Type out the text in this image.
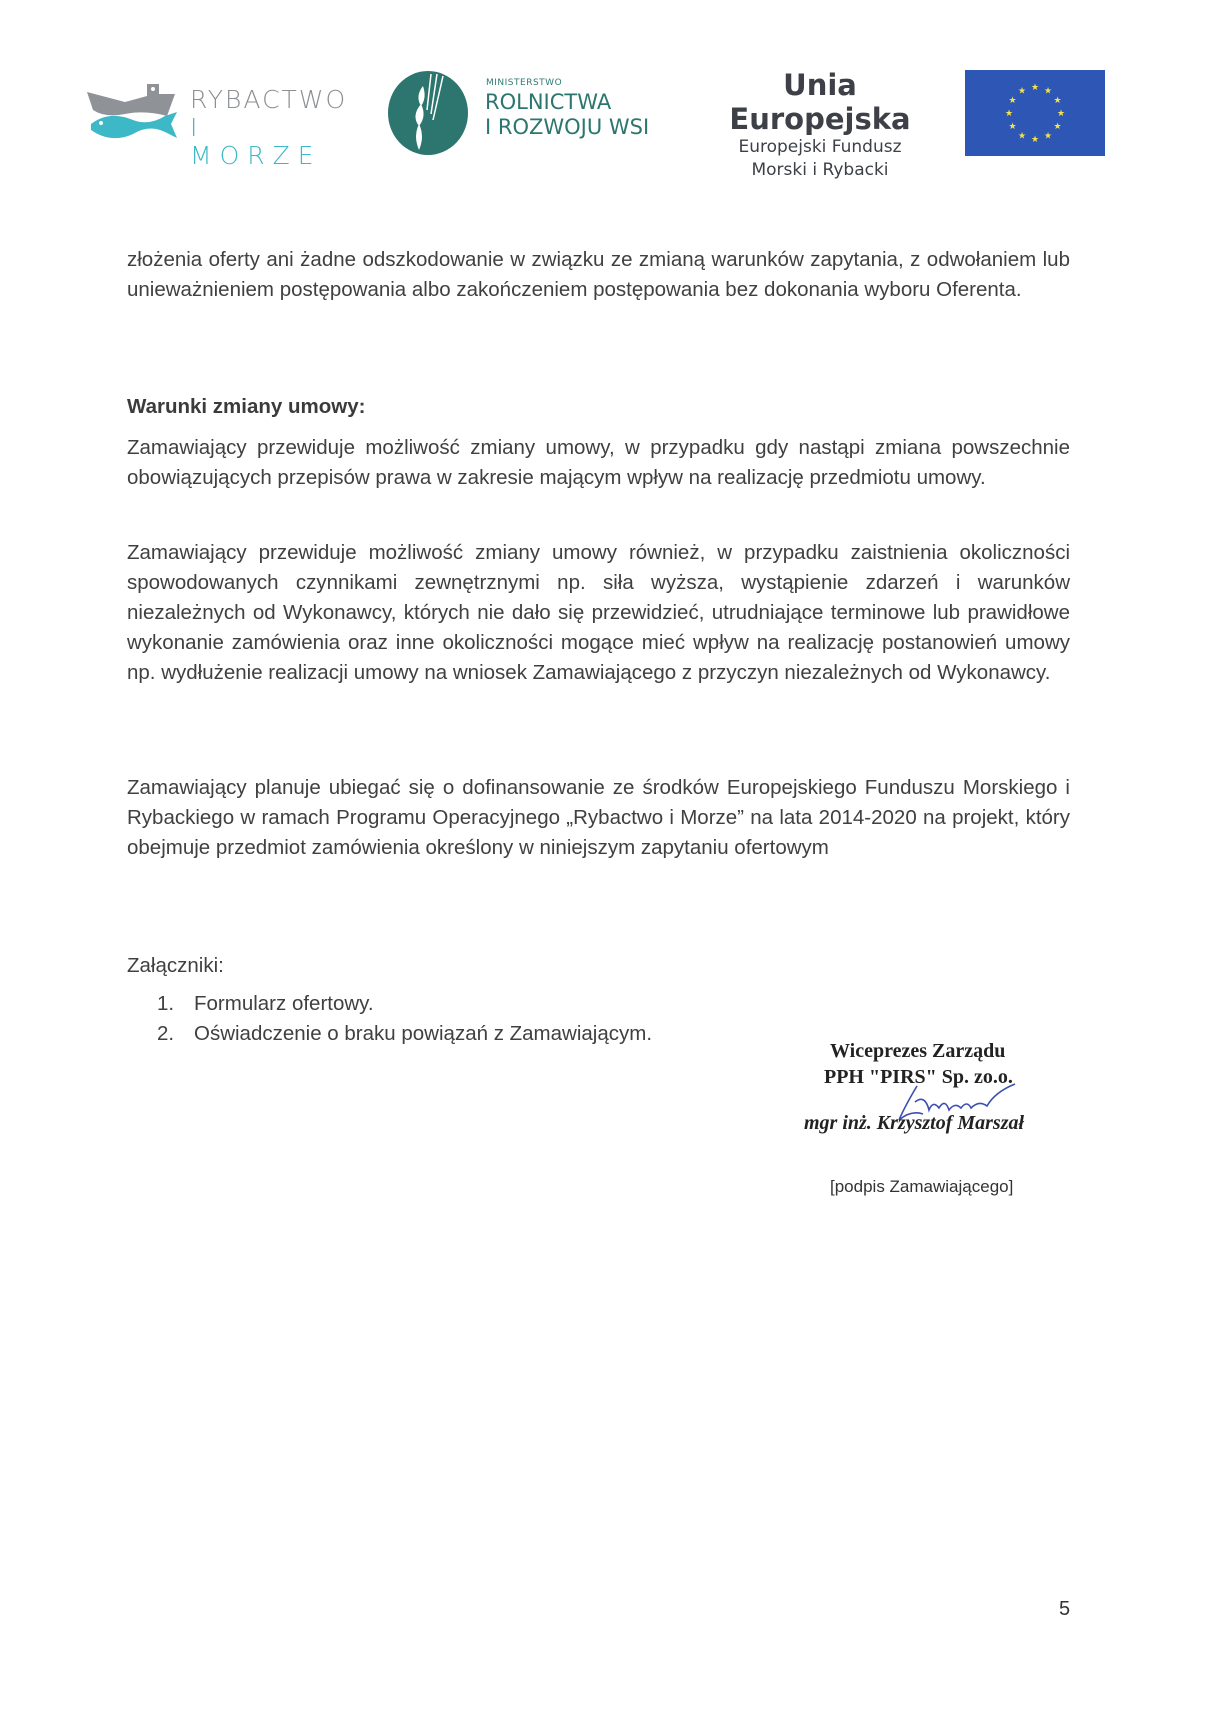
RYBACTWO
I MORZE
MINISTERSTWO
ROLNICTWA
I ROZWOJU WSI
Unia Europejska
Europejski Fundusz
Morski i Rybacki
★ ★
★
★
★
★
★
★
★
★
★
★

złożenia oferty ani żadne odszkodowanie w związku ze zmianą warunków zapytania, z odwołaniem lub unieważnieniem postępowania albo zakończeniem postępowania bez dokonania wyboru Oferenta.

Warunki zmiany umowy:

Zamawiający przewiduje możliwość zmiany umowy, w przypadku gdy nastąpi zmiana powszechnie obowiązujących przepisów prawa w zakresie mającym wpływ na realizację przedmiotu umowy.

Zamawiający przewiduje możliwość zmiany umowy również, w przypadku zaistnienia okoliczności spowodowanych czynnikami zewnętrznymi np. siła wyższa, wystąpienie zdarzeń i warunków niezależnych od Wykonawcy, których nie dało się przewidzieć, utrudniające terminowe lub prawidłowe wykonanie zamówienia oraz inne okoliczności mogące mieć wpływ na realizację postanowień umowy np. wydłużenie realizacji umowy na wniosek Zamawiającego z przyczyn niezależnych od Wykonawcy.

Zamawiający planuje ubiegać się o dofinansowanie ze środków Europejskiego Funduszu Morskiego i Rybackiego w ramach Programu Operacyjnego „Rybactwo i Morze” na lata 2014-2020 na projekt, który obejmuje przedmiot zamówienia określony w niniejszym zapytaniu ofertowym

Załączniki:
1. Formularz ofertowy.
2. Oświadczenie o braku powiązań z Zamawiającym.
Wiceprezes Zarządu
PPH "PIRS" Sp. zo.o.
mgr inż. Krzysztof Marszał
[podpis Zamawiającego]
5
